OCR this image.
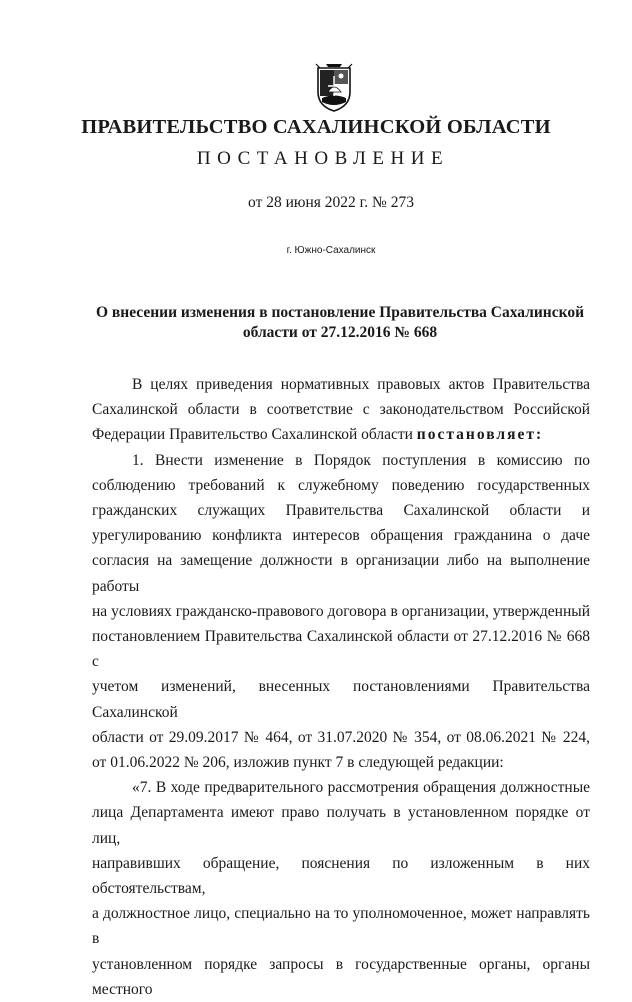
ПРАВИТЕЛЬСТВО САХАЛИНСКОЙ ОБЛАСТИ
ПОСТАНОВЛЕНИЕ
от 28 июня 2022 г. № 273
г. Южно-Сахалинск
О внесении изменения в постановление Правительства Сахалинской области от 27.12.2016 № 668
В целях приведения нормативных правовых актов Правительства
Сахалинской области в соответствие с законодательством Российской
Федерации Правительство Сахалинской области постановляет:
1. Внести изменение в Порядок поступления в комиссию по
соблюдению требований к служебному поведению государственных
гражданских служащих Правительства Сахалинской области и
урегулированию конфликта интересов обращения гражданина о даче
согласия на замещение должности в организации либо на выполнение работы
на условиях гражданско-правового договора в организации, утвержденный
постановлением Правительства Сахалинской области от 27.12.2016 № 668 с
учетом изменений, внесенных постановлениями Правительства Сахалинской
области от 29.09.2017 № 464, от 31.07.2020 № 354, от 08.06.2021 № 224,
от 01.06.2022 № 206, изложив пункт 7 в следующей редакции:
«7. В ходе предварительного рассмотрения обращения должностные
лица Департамента имеют право получать в установленном порядке от лиц,
направивших обращение, пояснения по изложенным в них обстоятельствам,
а должностное лицо, специально на то уполномоченное, может направлять в
установленном порядке запросы в государственные органы, органы местного
